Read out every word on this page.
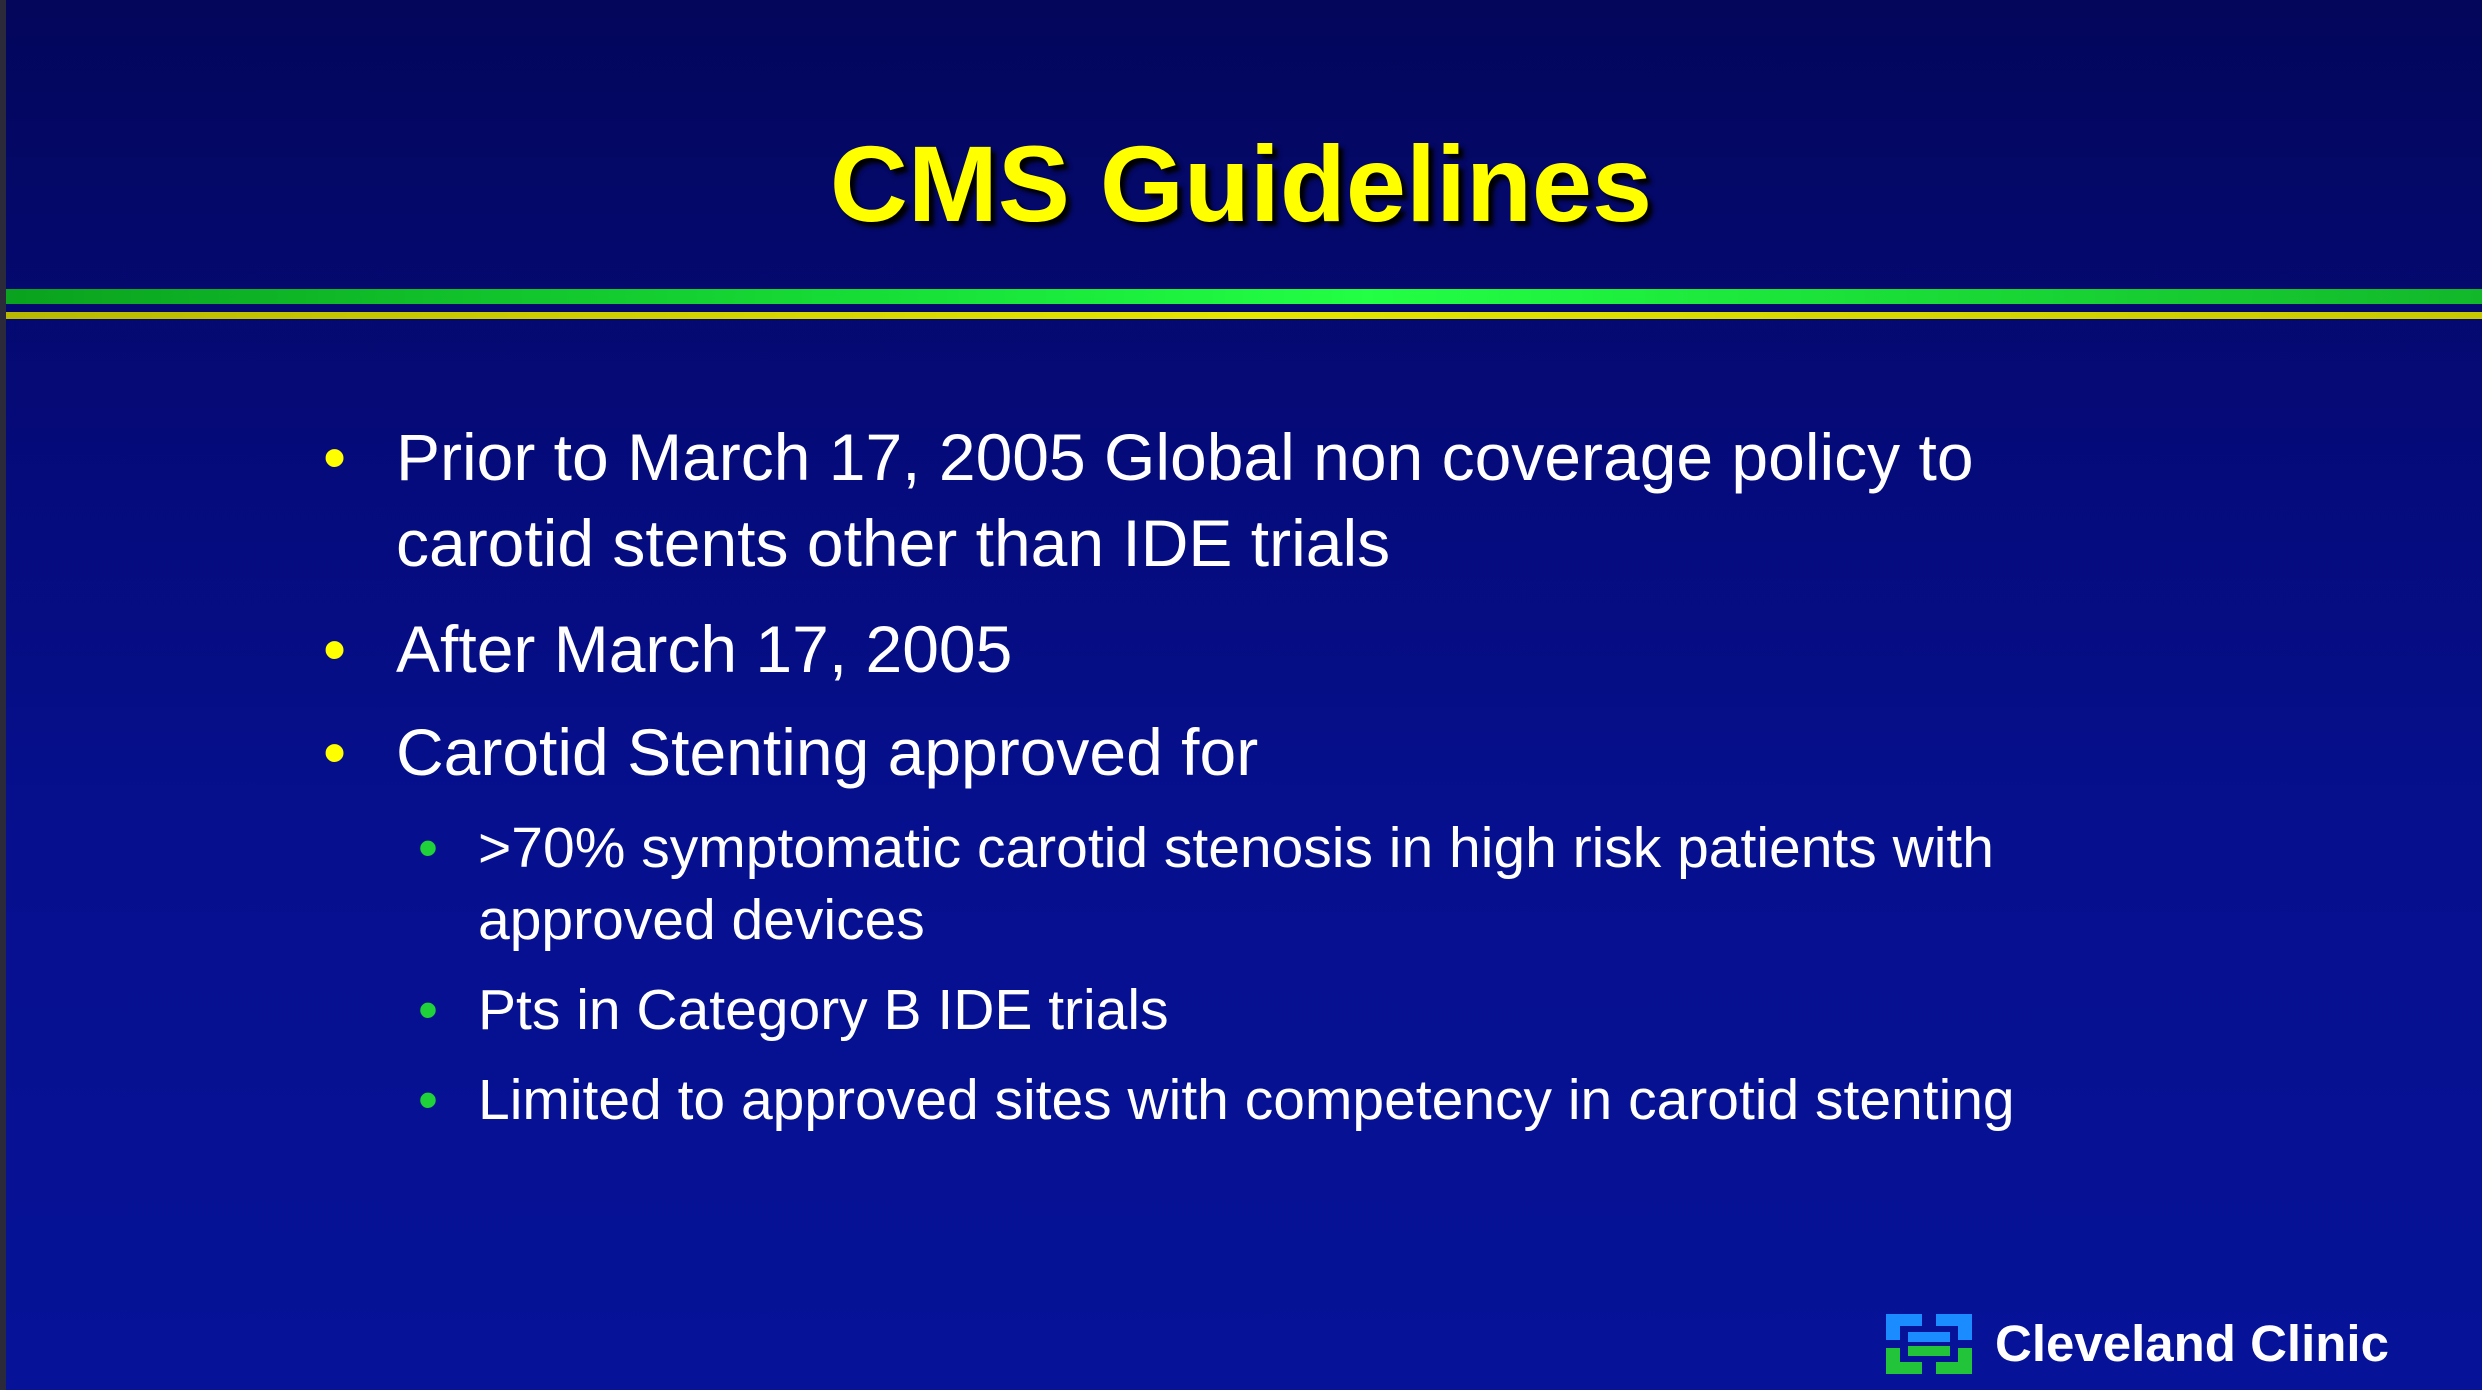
CMS Guidelines
• Prior to March 17, 2005 Global non coverage policy to
carotid stents other than IDE trials
• After March 17, 2005
• Carotid Stenting approved for
• >70% symptomatic carotid stenosis in high risk patients with
approved devices
• Pts in Category B IDE trials
• Limited to approved sites with competency in carotid stenting
Cleveland Clinic
